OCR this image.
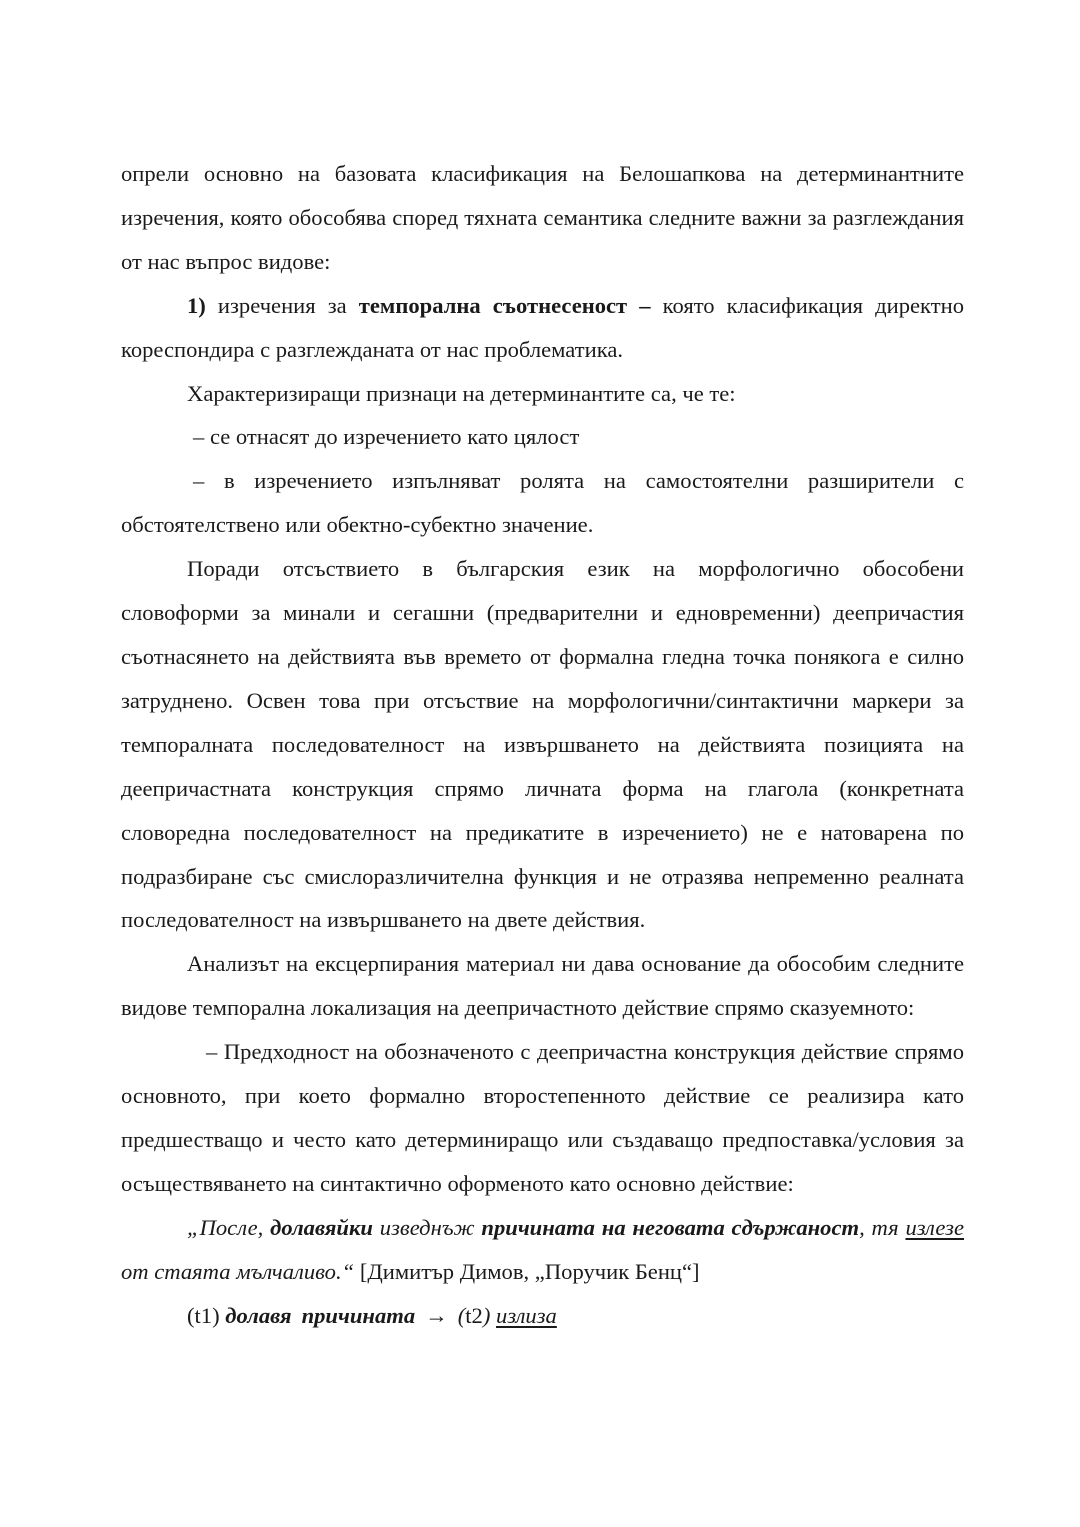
опрели основно на базовата класификация на Белошапкова на детерминантните изречения, която обособява според тяхната семантика следните важни за разглеждания от нас въпрос видове:

1) изречения за темпорална съотнесеност – която класификация директно кореспондира с разглежданата от нас проблематика.

Характеризиращи признаци на детерминантите са, че те:

– се отнасят до изречението като цялост

– в изречението изпълняват ролята на самостоятелни разширители с обстоятелствено или обектно-субектно значение.

Поради отсъствието в българския език на морфологично обособени словоформи за минали и сегашни (предварителни и едновременни) деепричастия съотнасянето на действията във времето от формална гледна точка понякога е силно затруднено. Освен това при отсъствие на морфологични/синтактични маркери за темпоралната последователност на извършването на действията позицията на деепричастната конструкция спрямо личната форма на глагола (конкретната словоредна последователност на предикатите в изречението) не е натоварена по подразбиране със смислоразличителна функция и не отразява непременно реалната последователност на извършването на двете действия.

Анализът на ексцерпирания материал ни дава основание да обособим следните видове темпорална локализация на деепричастното действие спрямо сказуемното:

– Предходност на обозначеното с деепричастна конструкция действие спрямо основното, при което формално второстепенното действие се реализира като предшестващо и често като детерминиращо или създаващо предпоставка/условия за осъществяването на синтактично оформеното като основно действие:

„После, долавяйки изведнъж причината на неговата сдържаност, тя излезе от стаята мълчаливо.“ [Димитър Димов, „Поручик Бенц“]

(t1) долавя причината → (t2) излиза
